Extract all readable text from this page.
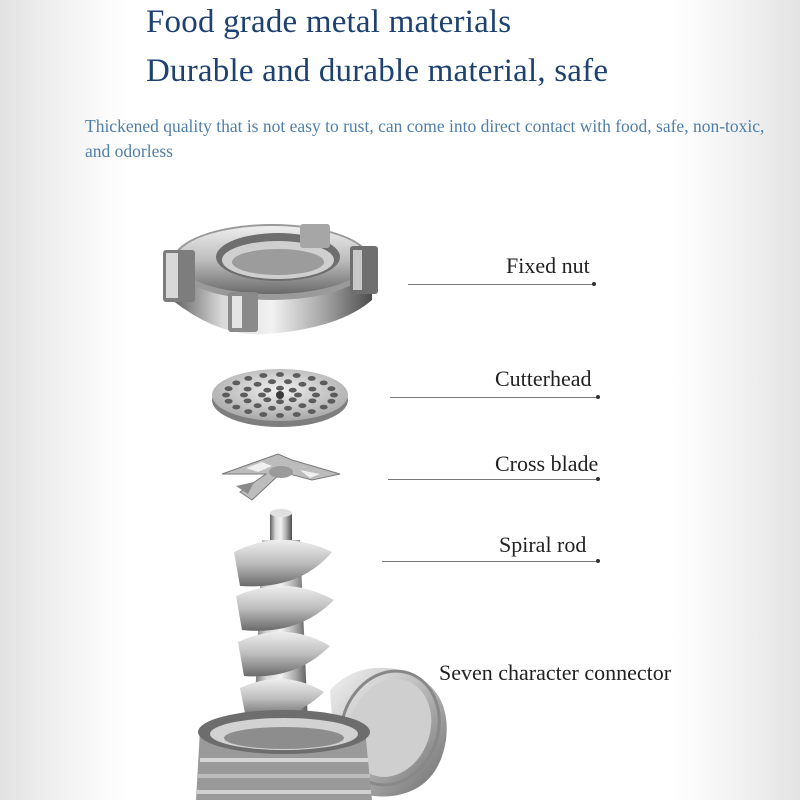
Food grade metal materials
Durable and durable material, safe

Thickened quality that is not easy to rust, can come into direct contact with food, safe, non-toxic, and odorless

Fixed nut
Cutterhead
Cross blade
Spiral rod
Seven character connector
